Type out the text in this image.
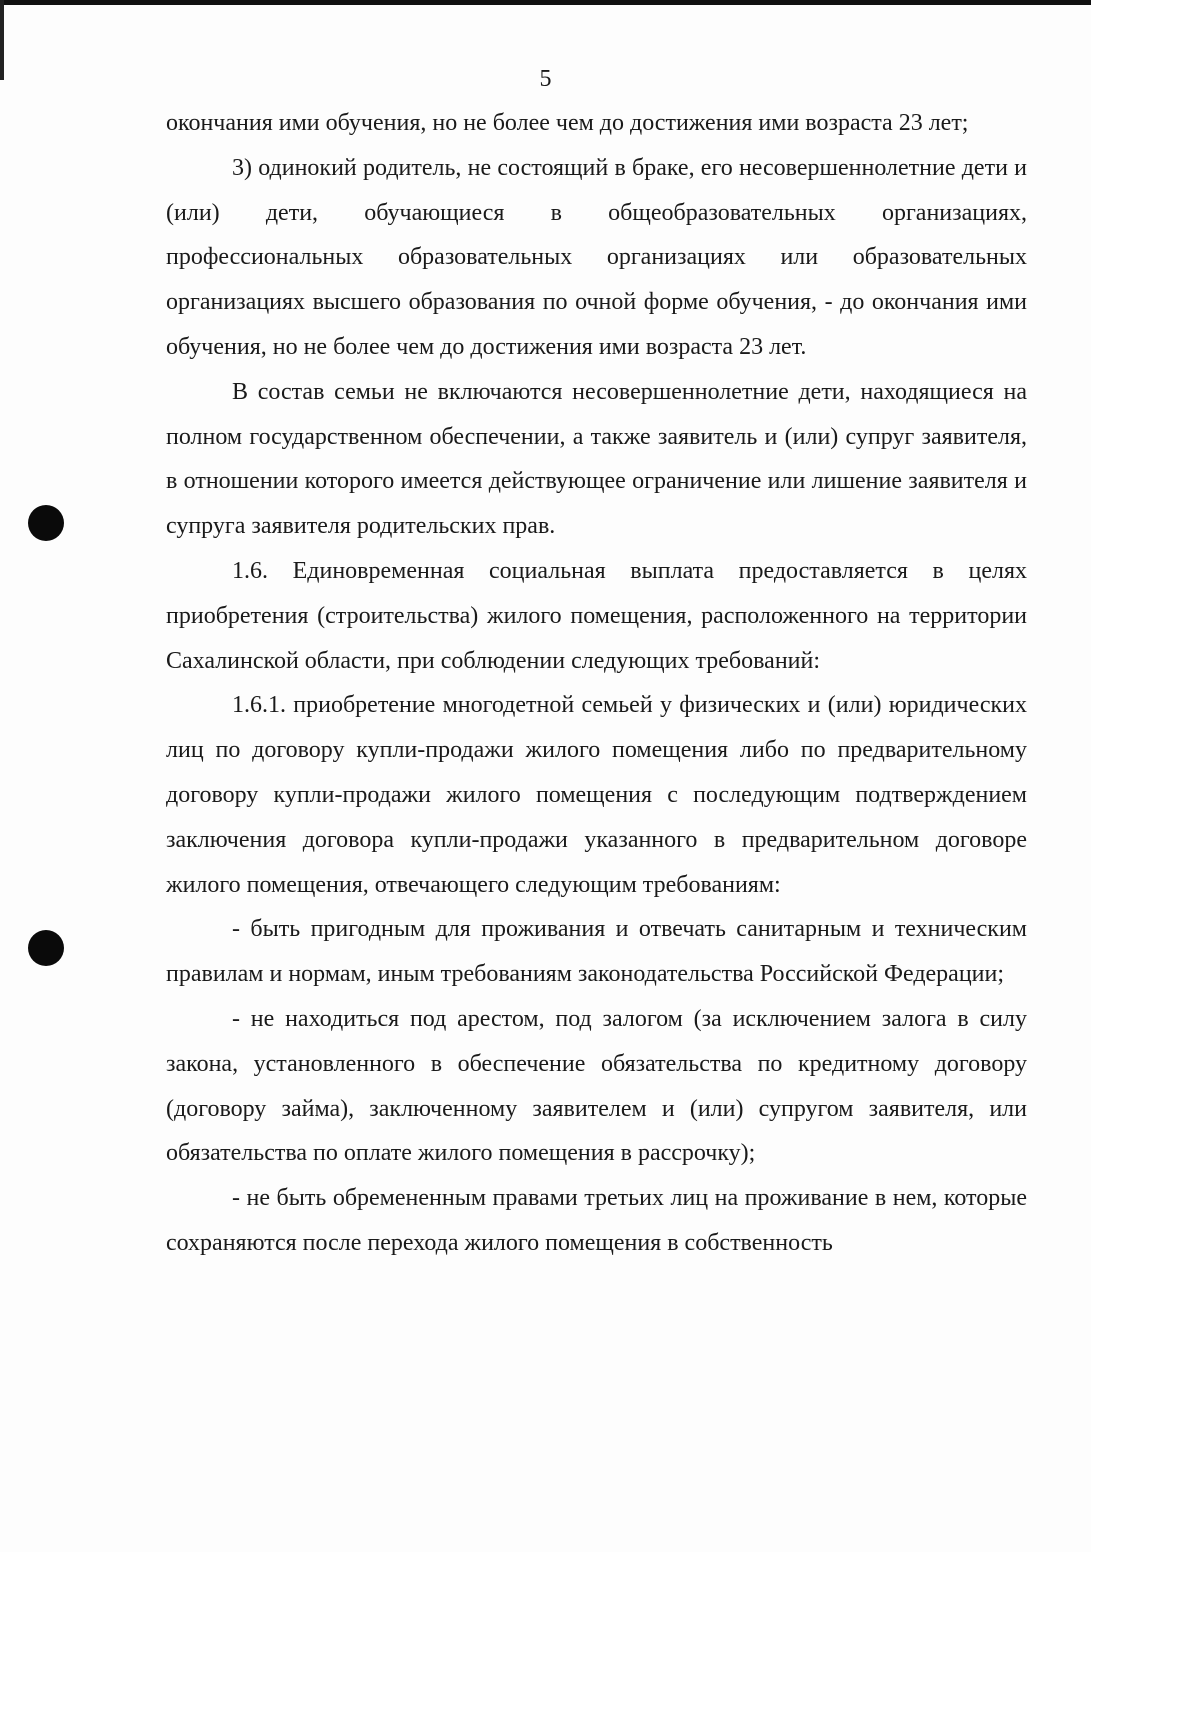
5

окончания ими обучения, но не более чем до достижения ими возраста 23 лет;

3) одинокий родитель, не состоящий в браке, его несовершеннолетние дети и (или) дети, обучающиеся в общеобразовательных организациях, профессиональных образовательных организациях или образовательных организациях высшего образования по очной форме обучения, - до окончания ими обучения, но не более чем до достижения ими возраста 23 лет.

В состав семьи не включаются несовершеннолетние дети, находящиеся на полном государственном обеспечении, а также заявитель и (или) супруг заявителя, в отношении которого имеется действующее ограничение или лишение заявителя и супруга заявителя родительских прав.

1.6. Единовременная социальная выплата предоставляется в целях приобретения (строительства) жилого помещения, расположенного на территории Сахалинской области, при соблюдении следующих требований:

1.6.1. приобретение многодетной семьей у физических и (или) юридических лиц по договору купли-продажи жилого помещения либо по предварительному договору купли-продажи жилого помещения с последующим подтверждением заключения договора купли-продажи указанного в предварительном договоре жилого помещения, отвечающего следующим требованиям:

- быть пригодным для проживания и отвечать санитарным и техническим правилам и нормам, иным требованиям законодательства Российской Федерации;

- не находиться под арестом, под залогом (за исключением залога в силу закона, установленного в обеспечение обязательства по кредитному договору (договору займа), заключенному заявителем и (или) супругом заявителя, или обязательства по оплате жилого помещения в рассрочку);

- не быть обремененным правами третьих лиц на проживание в нем, которые сохраняются после перехода жилого помещения в собственность
